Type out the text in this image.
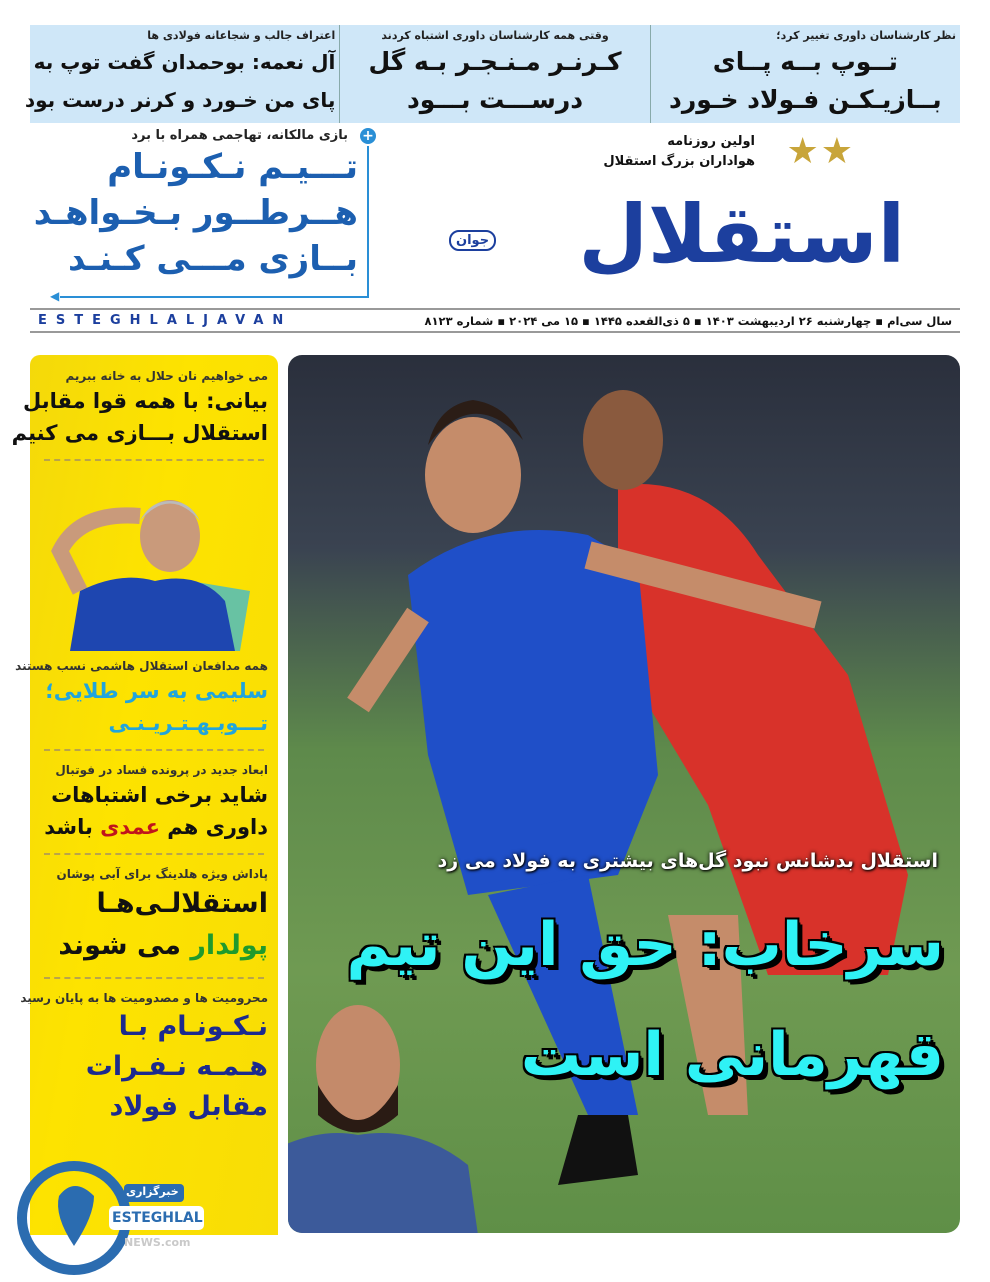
نظر کارشناسان داوری تغییر کرد؛
تــوپ بــه پــای
بــازیـکـن فـولاد خـورد
وقتی همه کارشناسان داوری اشتباه کردند
کـرنـر مـنـجـر بـه گل
درســـت بـــود
اعتراف جالب و شجاعانه فولادی ها
آل نعمه: بوحمدان گفت توپ به
پای من خـورد و کرنر درست بود
★★
اولین روزنامه
هواداران بزرگ استقلال
استقلال
جوان
+
◀
بازی مالکانه، تهاجمی همراه با برد
تـــیـم نـکـونـام
هــرطــور بـخـواهـد
بــازی مـــی کـنـد
سال سی‌ام ▪ چهارشنبه ۲۶ اردیبهشت ۱۴۰۳ ▪ ۵ ذی‌القعده ۱۴۴۵ ▪ ۱۵ می ۲۰۲۴ ▪ شماره ۸۱۲۳
ESTEGHLALJAVAN
می خواهیم نان حلال به خانه ببریم
بیانی: با همه قوا مقابل
استقلال بـــازی می کنیم
همه مدافعان استقلال هاشمی نسب هستند
سلیمی به سر طلایی؛
تـــوبـهـتـریـنـی
ابعاد جدید در پرونده فساد در فوتبال
شاید برخی اشتباهات
داوری هم عمدی باشد
پاداش ویژه هلدینگ برای آبی پوشان
استقلالـی‌هـا
پولدار می شوند
محرومیت ها و مصدومیت ها به پایان رسید
نـکـونـام بـا
هـمـه نـفـرات
مقابل فولاد
استقلال بدشانس نبود گل‌های بیشتری به فولاد می زد
سرخاب: حق این تیم
قهرمانی است
خبرگزاری
ESTEGHLAL
NEWS.com
